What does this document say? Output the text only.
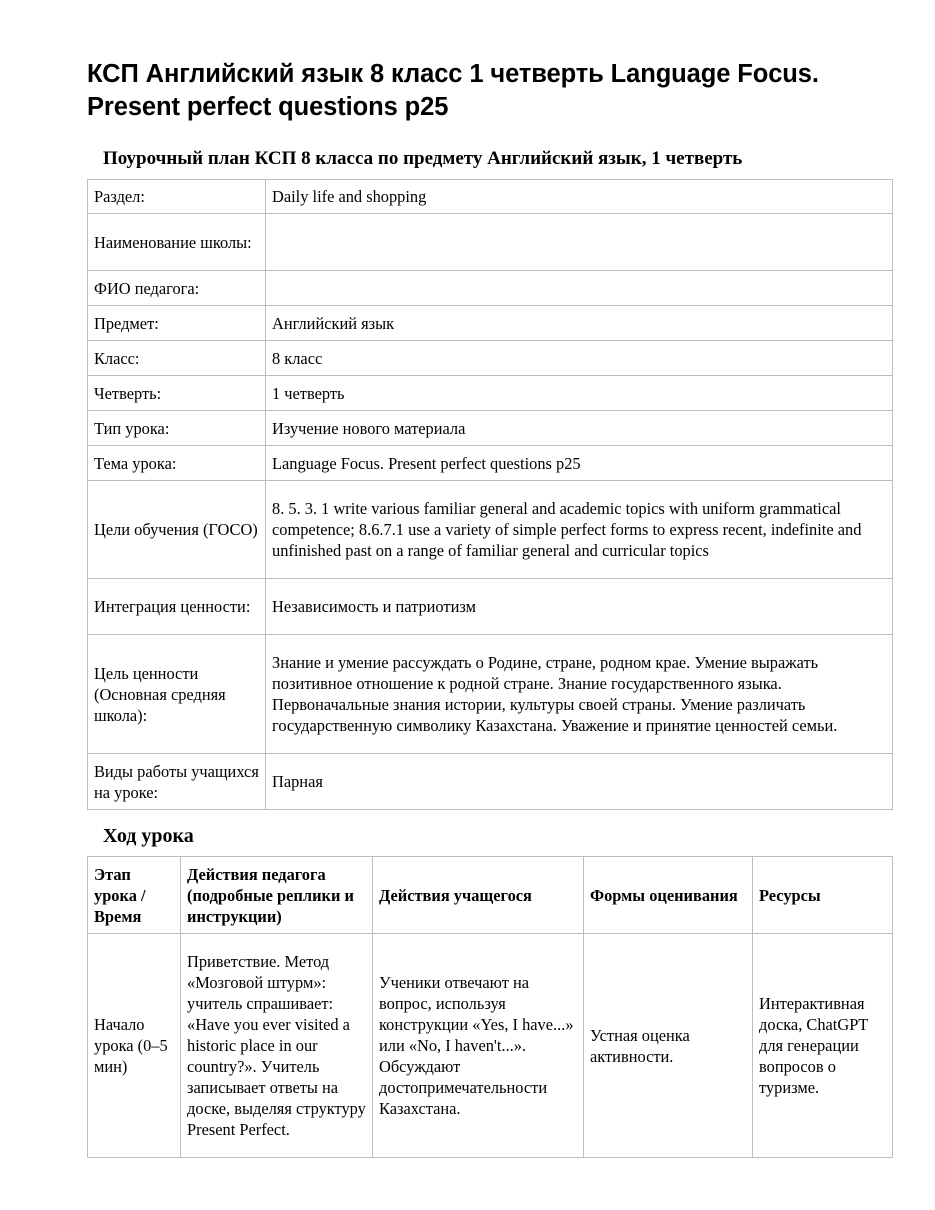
КСП Английский язык 8 класс 1 четверть Language Focus. Present perfect questions p25

Поурочный план КСП 8 класса по предмету Английский язык, 1 четверть

Раздел:	Daily life and shopping
Наименование школы:	
ФИО педагога:	
Предмет:	Английский язык
Класс:	8 класс
Четверть:	1 четверть
Тип урока:	Изучение нового материала
Тема урока:	Language Focus. Present perfect questions p25
Цели обучения (ГОСО)	8. 5. 3. 1 write various familiar general and academic topics with uniform grammatical competence; 8.6.7.1 use a variety of simple perfect forms to express recent, indefinite and unfinished past on a range of familiar general and curricular topics
Интеграция ценности:	Независимость и патриотизм
Цель ценности (Основная средняя школа):	Знание и умение рассуждать о Родине, стране, родном крае. Умение выражать позитивное отношение к родной стране. Знание государственного языка. Первоначальные знания истории, культуры своей страны. Умение различать государственную символику Казахстана. Уважение и принятие ценностей семьи.
Виды работы учащихся на уроке:	Парная

Ход урока

Этап урока / Время	Действия педагога (подробные реплики и инструкции)	Действия учащегося	Формы оценивания	Ресурсы
Начало урока (0–5 мин)	Приветствие. Метод «Мозговой штурм»: учитель спрашивает: «Have you ever visited a historic place in our country?». Учитель записывает ответы на доске, выделяя структуру Present Perfect.	Ученики отвечают на вопрос, используя конструкции «Yes, I have...» или «No, I haven't...». Обсуждают достопримечательности Казахстана.	Устная оценка активности.	Интерактивная доска, ChatGPT для генерации вопросов о туризме.
